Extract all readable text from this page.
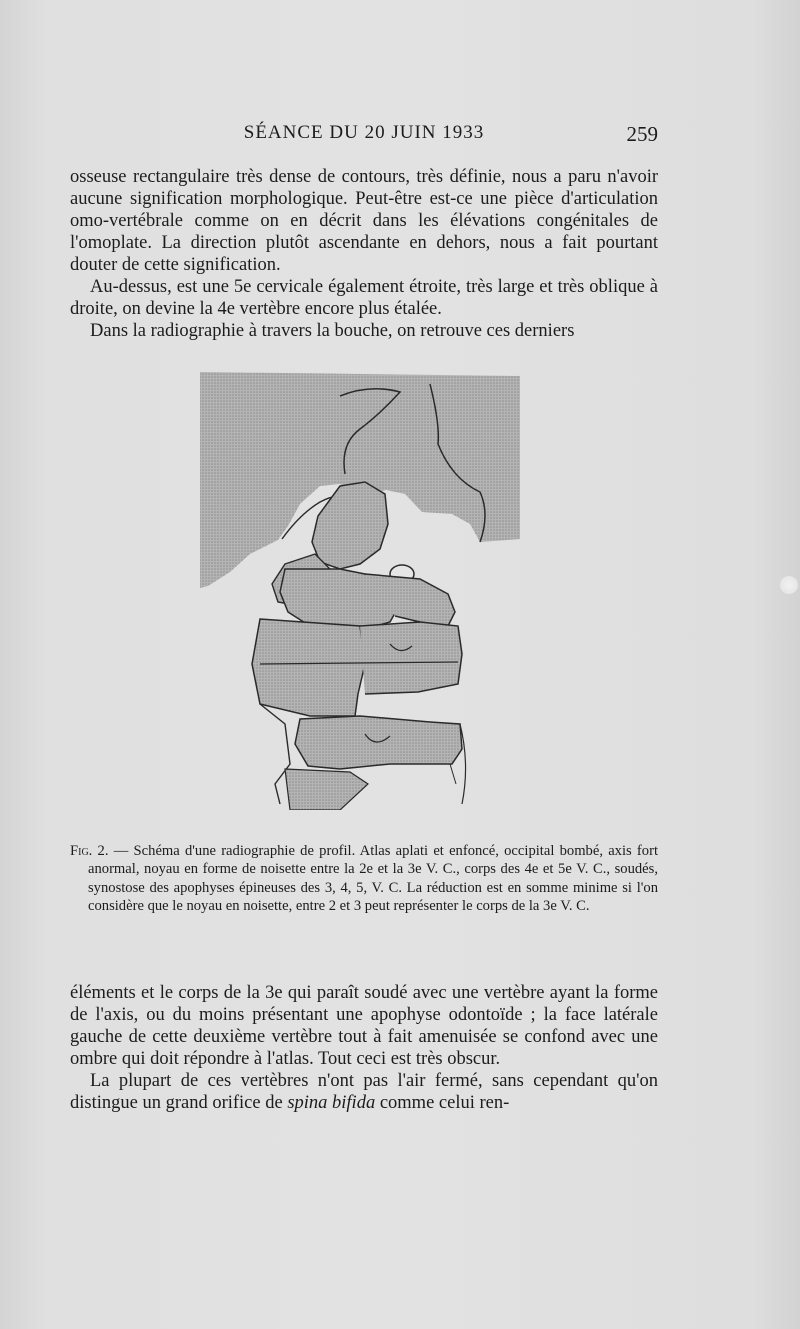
SÉANCE DU 20 JUIN 1933	259

osseuse rectangulaire très dense de contours, très définie, nous a paru n'avoir aucune signification morphologique. Peut-être est-ce une pièce d'articulation omo-vertébrale comme on en décrit dans les élévations congénitales de l'omoplate. La direction plutôt ascendante en dehors, nous a fait pourtant douter de cette signification.

Au-dessus, est une 5e cervicale également étroite, très large et très oblique à droite, on devine la 4e vertèbre encore plus étalée.

Dans la radiographie à travers la bouche, on retrouve ces derniers

Fig. 2. — Schéma d'une radiographie de profil. Atlas aplati et enfoncé, occipital bombé, axis fort anormal, noyau en forme de noisette entre la 2e et la 3e V. C., corps des 4e et 5e V. C., soudés, synostose des apophyses épineuses des 3, 4, 5, V. C. La réduction est en somme minime si l'on considère que le noyau en noisette, entre 2 et 3 peut représenter le corps de la 3e V. C.

éléments et le corps de la 3e qui paraît soudé avec une vertèbre ayant la forme de l'axis, ou du moins présentant une apophyse odontoïde ; la face latérale gauche de cette deuxième vertèbre tout à fait amenuisée se confond avec une ombre qui doit répondre à l'atlas. Tout ceci est très obscur.

La plupart de ces vertèbres n'ont pas l'air fermé, sans cependant qu'on distingue un grand orifice de spina bifida comme celui ren-
